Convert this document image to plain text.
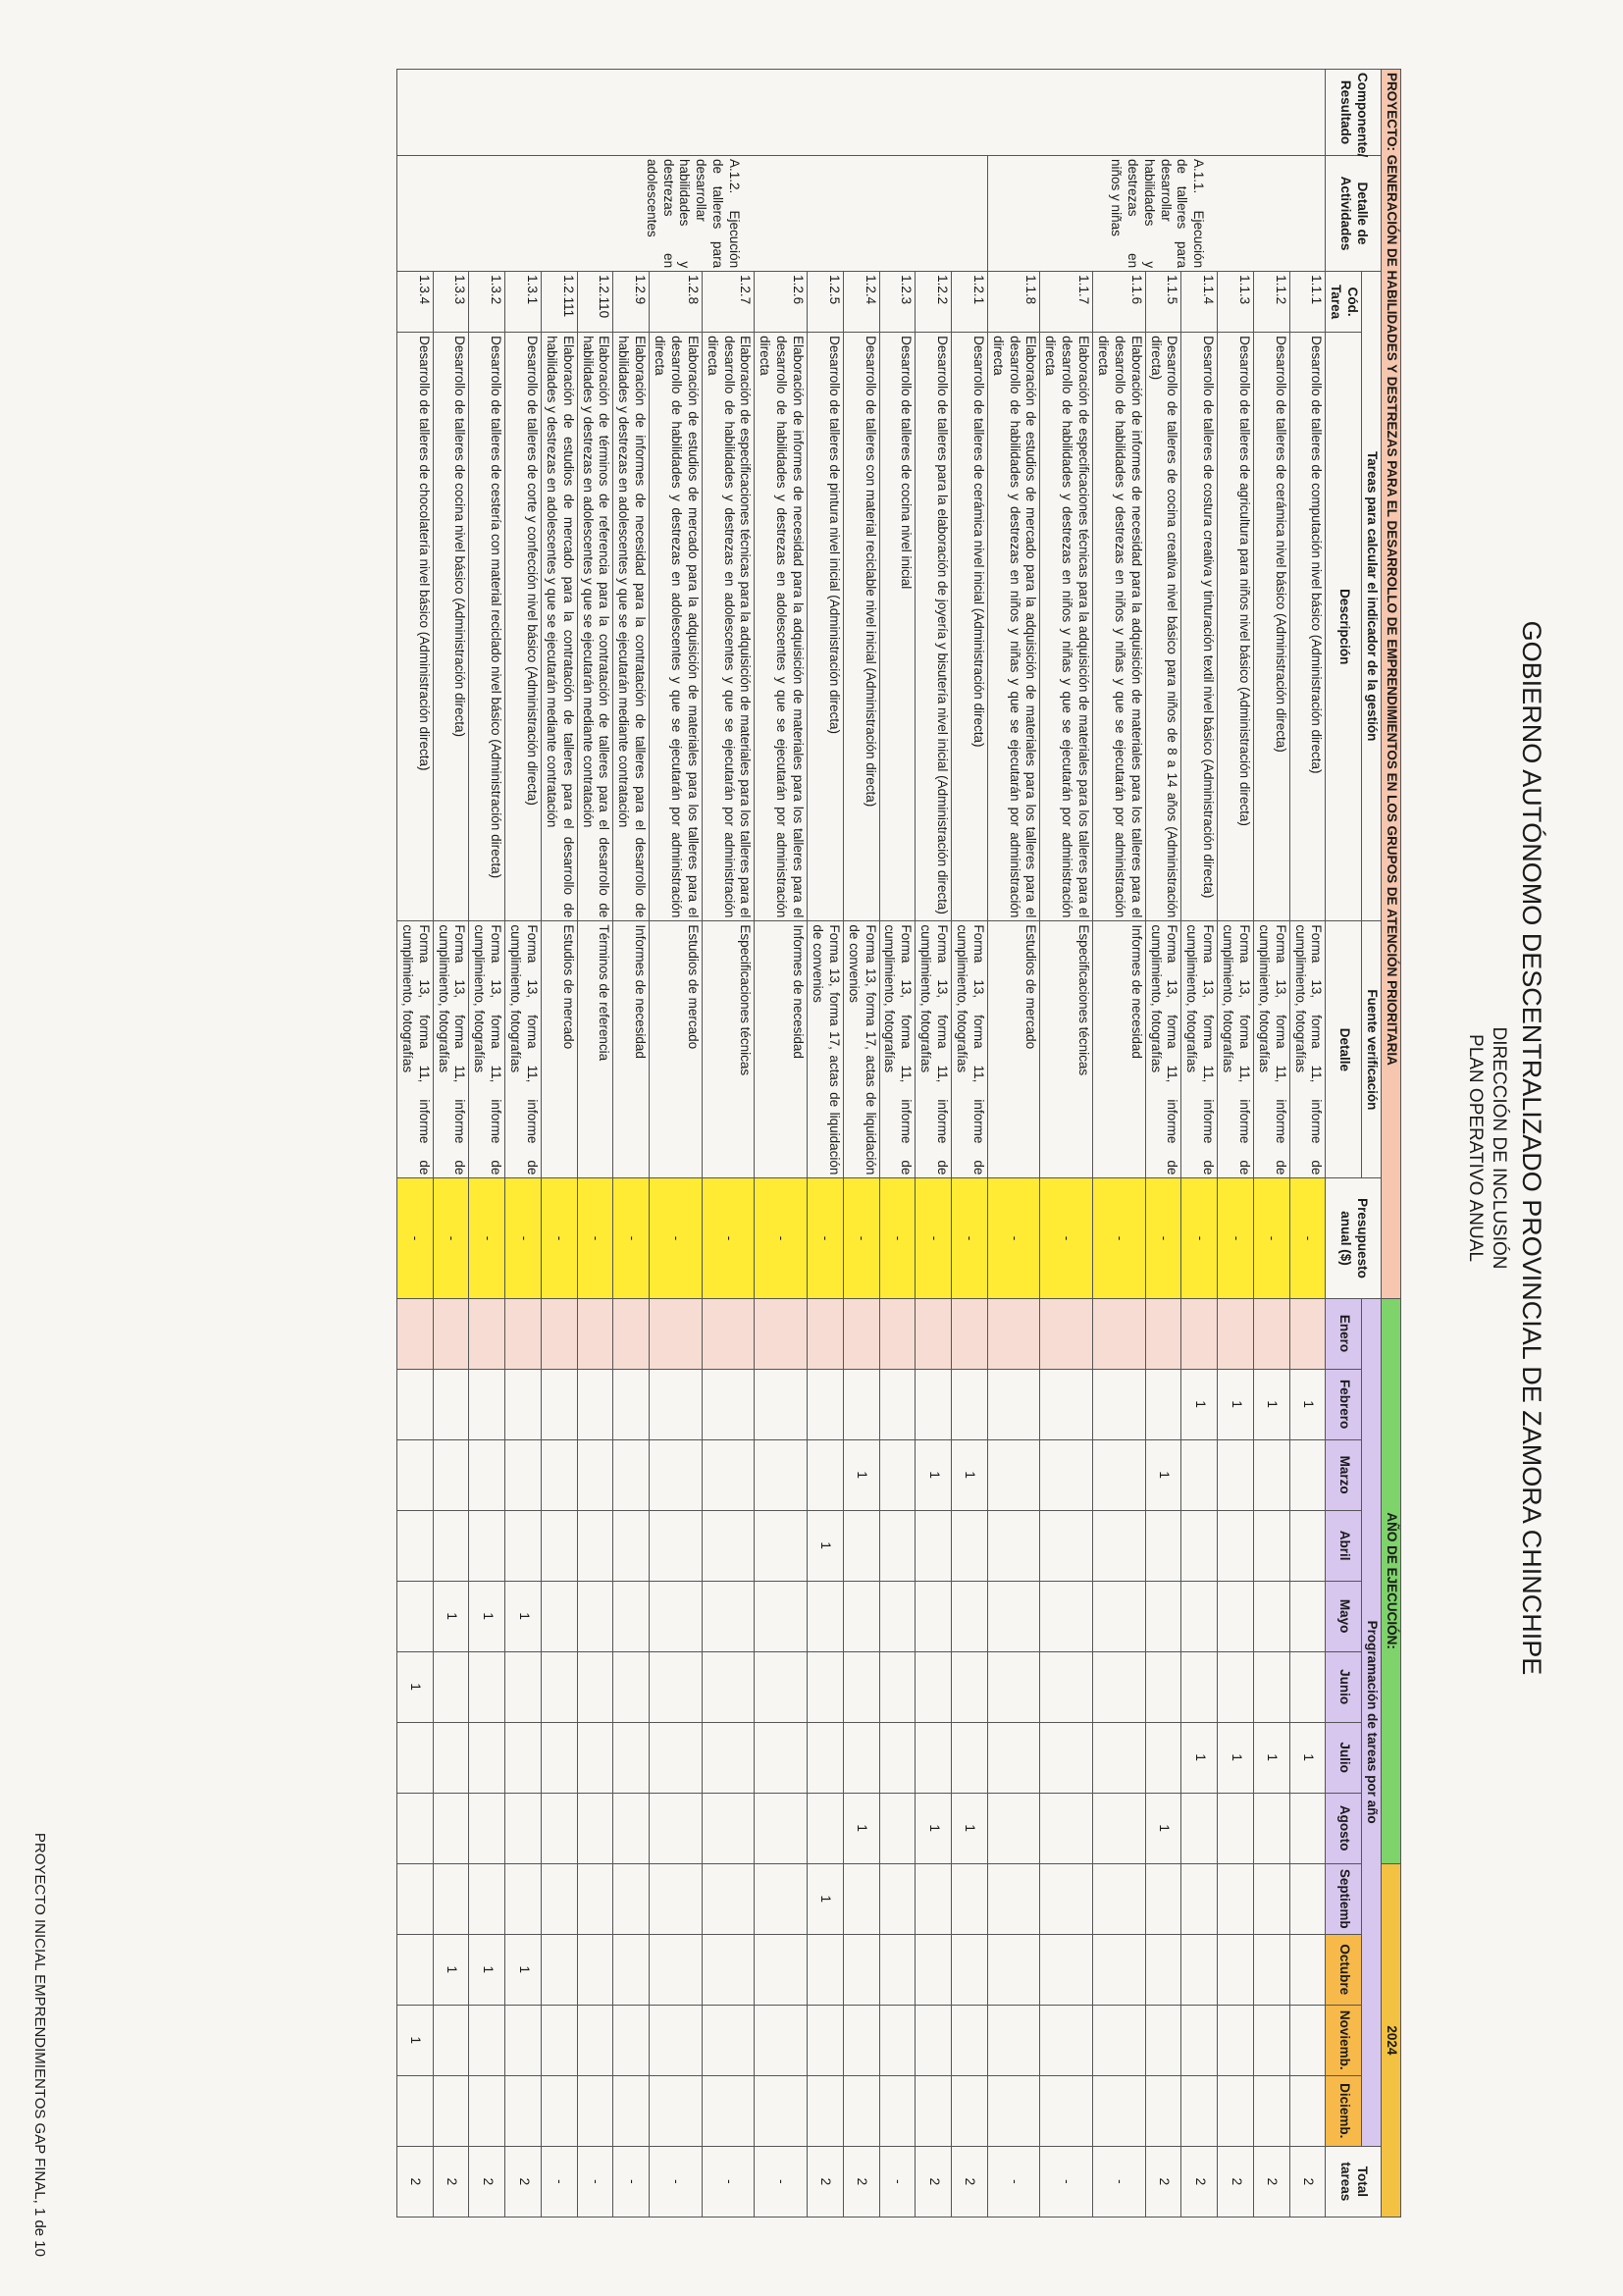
GOBIERNO AUTÓNOMO DESCENTRALIZADO PROVINCIAL DE ZAMORA CHINCHIPE
DIRECCIÓN DE INCLUSIÓN
PLAN OPERATIVO ANUAL
PROYECTO: GENERACIÓN DE HABILIDADES Y DESTREZAS PARA EL DESARROLLO DE EMPRENDIMIENTOS EN LOS GRUPOS DE ATENCIÓN PRIORITARIA						AÑO DE EJECUCIÓN:								2024				
Componente/ Resultado	Detalle de Actividades	Tareas para calcular el indicador de la gestión		Fuente verificación	Presupuesto anual ($)	Programación de tareas por año												Total tareas
		Cód. Tarea	Descripción	Detalle		Enero	Febrero	Marzo	Abril	Mayo	Junio	Julio	Agosto	Septiemb	Octubre	Noviemb.	Diciemb.	

	A.1.1. Ejecución de talleres para desarrollar habilidades y destrezas en niños y niñas	1.1.1	Desarrollo de talleres de computación nivel básico (Administración directa)	Forma 13, forma 11, informe de cumplimiento, fotografías	-		1					1						2
		1.1.2	Desarrollo de talleres de cerámica nivel básico (Administración directa)	Forma 13, forma 11, informe de cumplimiento, fotografías	-		1					1						2
		1.1.3	Desarrollo de talleres de agricultura para niños nivel básico (Administración directa)	Forma 13, forma 11, informe de cumplimiento, fotografías	-		1					1						2
		1.1.4	Desarrollo de talleres de costura creativa y tinturación textil nivel básico (Administración directa)	Forma 13, forma 11, informe de cumplimiento, fotografías	-		1					1						2
		1.1.5	Desarrollo de talleres de cocina creativa nivel básico para niños de 8 a 14 años (Administración directa)	Forma 13, forma 11, informe de cumplimiento, fotografías	-			1					1					2
		1.1.6	Elaboración de informes de necesidad para la adquisición de materiales para los talleres para el desarrollo de habilidades y destrezas en niños y niñas y que se ejecutarán por administración directa	Informes de necesidad	-													-
		1.1.7	Elaboración de especificaciones técnicas para la adquisición de materiales para los talleres para el desarrollo de habilidades y destrezas en niños y niñas y que se ejecutarán por administración directa	Especificaciones técnicas	-													-
		1.1.8	Elaboración de estudios de mercado para la adquisición de materiales para los talleres para el desarrollo de habilidades y destrezas en niños y niñas y que se ejecutarán por administración directa	Estudios de mercado	-													-
	A.1.2. Ejecución de talleres para desarrollar habilidades y destrezas en adolescentes	1.2.1	Desarrollo de talleres de cerámica nivel inicial (Administración directa)	Forma 13, forma 11, informe de cumplimiento, fotografías	-			1					1					2
		1.2.2	Desarrollo de talleres para la elaboración de joyería y bisutería nivel inicial (Administración directa)	Forma 13, forma 11, informe de cumplimiento, fotografías	-			1					1					2
		1.2.3	Desarrollo de talleres de cocina nivel inicial	Forma 13, forma 11, informe de cumplimiento, fotografías	-													-
		1.2.4	Desarrollo de talleres con material reciclable nivel inicial (Administración directa)	Forma 13, forma 17, actas de liquidación de convenios	-			1					1					2
		1.2.5	Desarrollo de talleres de pintura nivel inicial (Administración directa)	Forma 13, forma 17, actas de liquidación de convenios	-				1					1				2
		1.2.6	Elaboración de informes de necesidad para la adquisición de materiales para los talleres para el desarrollo de habilidades y destrezas en adolescentes y que se ejecutarán por administración directa	Informes de necesidad	-													-
		1.2.7	Elaboración de especificaciones técnicas para la adquisición de materiales para los talleres para el desarrollo de habilidades y destrezas en adolescentes y que se ejecutarán por administración directa	Especificaciones técnicas	-													-
		1.2.8	Elaboración de estudios de mercado para la adquisición de materiales para los talleres para el desarrollo de habilidades y destrezas en adolescentes y que se ejecutarán por administración directa	Estudios de mercado	-													-
		1.2.9	Elaboración de informes de necesidad para la contratación de talleres para el desarrollo de habilidades y destrezas en adolescentes y que se ejecutarán mediante contratación	Informes de necesidad	-													-
		1.2.110	Elaboración de términos de referencia para la contratación de talleres para el desarrollo de habilidades y destrezas en adolescentes y que se ejecutarán mediante contratación	Términos de referencia	-													-
		1.2.111	Elaboración de estudios de mercado para la contratación de talleres para el desarrollo de habilidades y destrezas en adolescentes y que se ejecutarán mediante contratación	Estudios de mercado	-													-
		1.3.1	Desarrollo de talleres de corte y confección nivel básico (Administración directa)	Forma 13, forma 11, informe de cumplimiento, fotografías	-					1					1			2
		1.3.2	Desarrollo de talleres de cestería con material reciclado nivel básico (Administración directa)	Forma 13, forma 11, informe de cumplimiento, fotografías	-					1					1			2
		1.3.3	Desarrollo de talleres de cocina nivel básico (Administración directa)	Forma 13, forma 11, informe de cumplimiento, fotografías	-					1					1			2
		1.3.4	Desarrollo de talleres de chocolatería nivel básico (Administración directa)	Forma 13, forma 11, informe de cumplimiento, fotografías	-						1					1		2
PROYECTO INICIAL EMPRENDIMIENTOS GAP FINAL, 1 de 10
